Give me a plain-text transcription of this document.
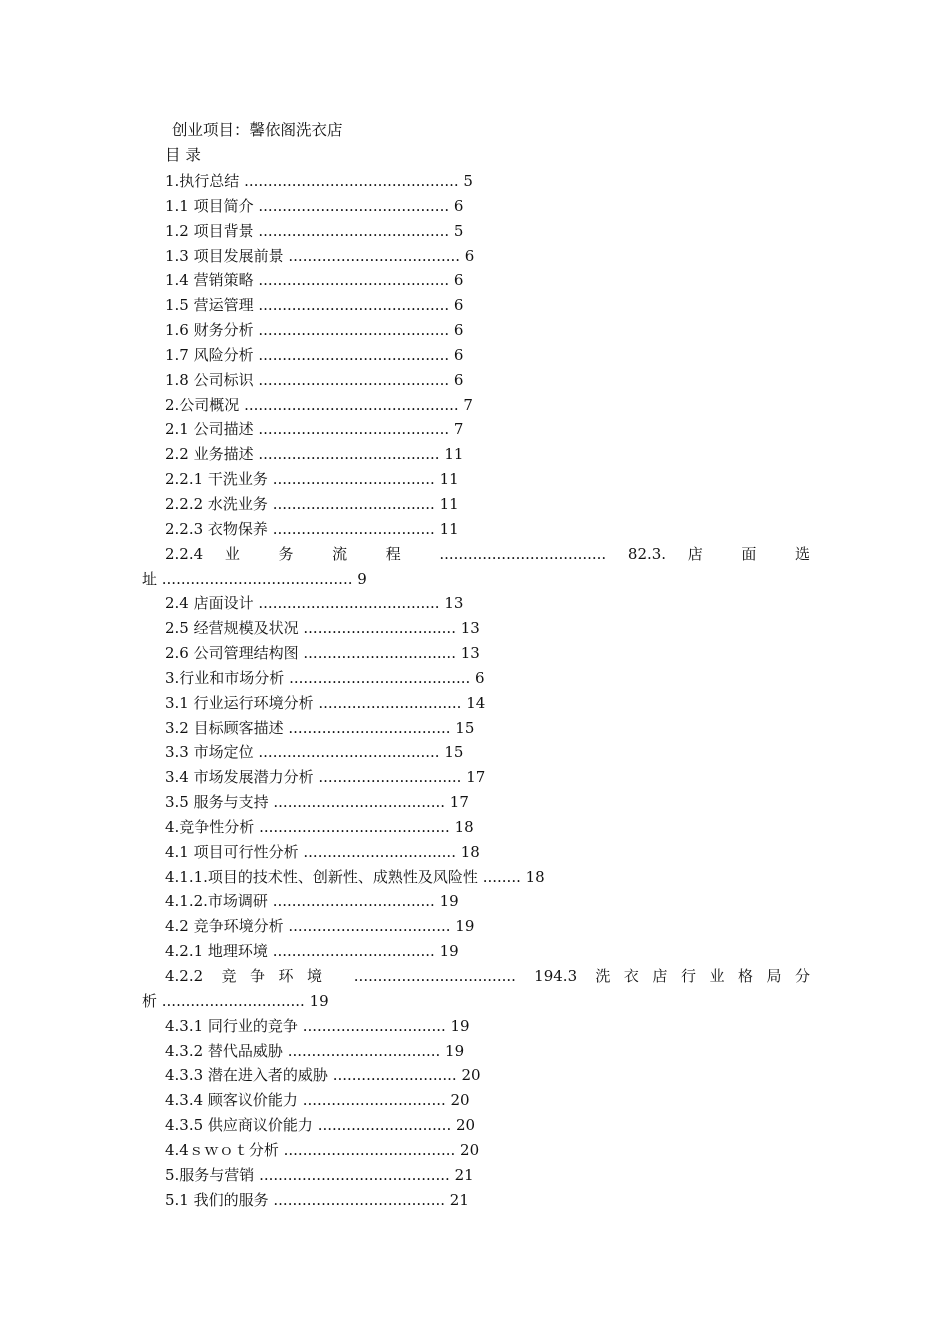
创业项目：馨依阁洗衣店
目 录
1.执行总结 ............................................. 5
1.1 项目简介 ........................................ 6
1.2 项目背景 ........................................ 5
1.3 项目发展前景 .................................... 6
1.4 营销策略 ........................................ 6
1.5 营运管理 ........................................ 6
1.6 财务分析 ........................................ 6
1.7 风险分析 ........................................ 6
1.8 公司标识 ........................................ 6
2.公司概况 ............................................. 7
2.1 公司描述 ........................................ 7
2.2 业务描述 ...................................... 11
2.2.1 干洗业务 .................................. 11
2.2.2 水洗业务 .................................. 11
2.2.3 衣物保养 .................................. 11
2.2.4 业 务 流 程 ................................... 82.3. 店 面 选
址 ........................................ 9
2.4 店面设计 ...................................... 13
2.5 经营规模及状况 ................................ 13
2.6 公司管理结构图 ................................ 13
3.行业和市场分析 ...................................... 6
3.1 行业运行环境分析 .............................. 14
3.2 目标顾客描述 .................................. 15
3.3 市场定位 ...................................... 15
3.4 市场发展潜力分析 .............................. 17
3.5 服务与支持 .................................... 17
4.竞争性分析 ........................................ 18
4.1 项目可行性分析 ................................ 18
4.1.1.项目的技术性、创新性、成熟性及风险性 ........ 18
4.1.2.市场调研 .................................. 19
4.2 竞争环境分析 .................................. 19
4.2.1 地理环境 .................................. 19
4.2.2 竞争环境 .................................. 194.3 洗衣店行业格局分
析 .............................. 19
4.3.1 同行业的竞争 .............................. 19
4.3.2 替代品威胁 ................................ 19
4.3.3 潜在进入者的威胁 .......................... 20
4.3.4 顾客议价能力 .............................. 20
4.3.5 供应商议价能力 ............................ 20
4.4ｓｗｏｔ分析 .................................... 20
5.服务与营销 ........................................ 21
5.1 我们的服务 .................................... 21
